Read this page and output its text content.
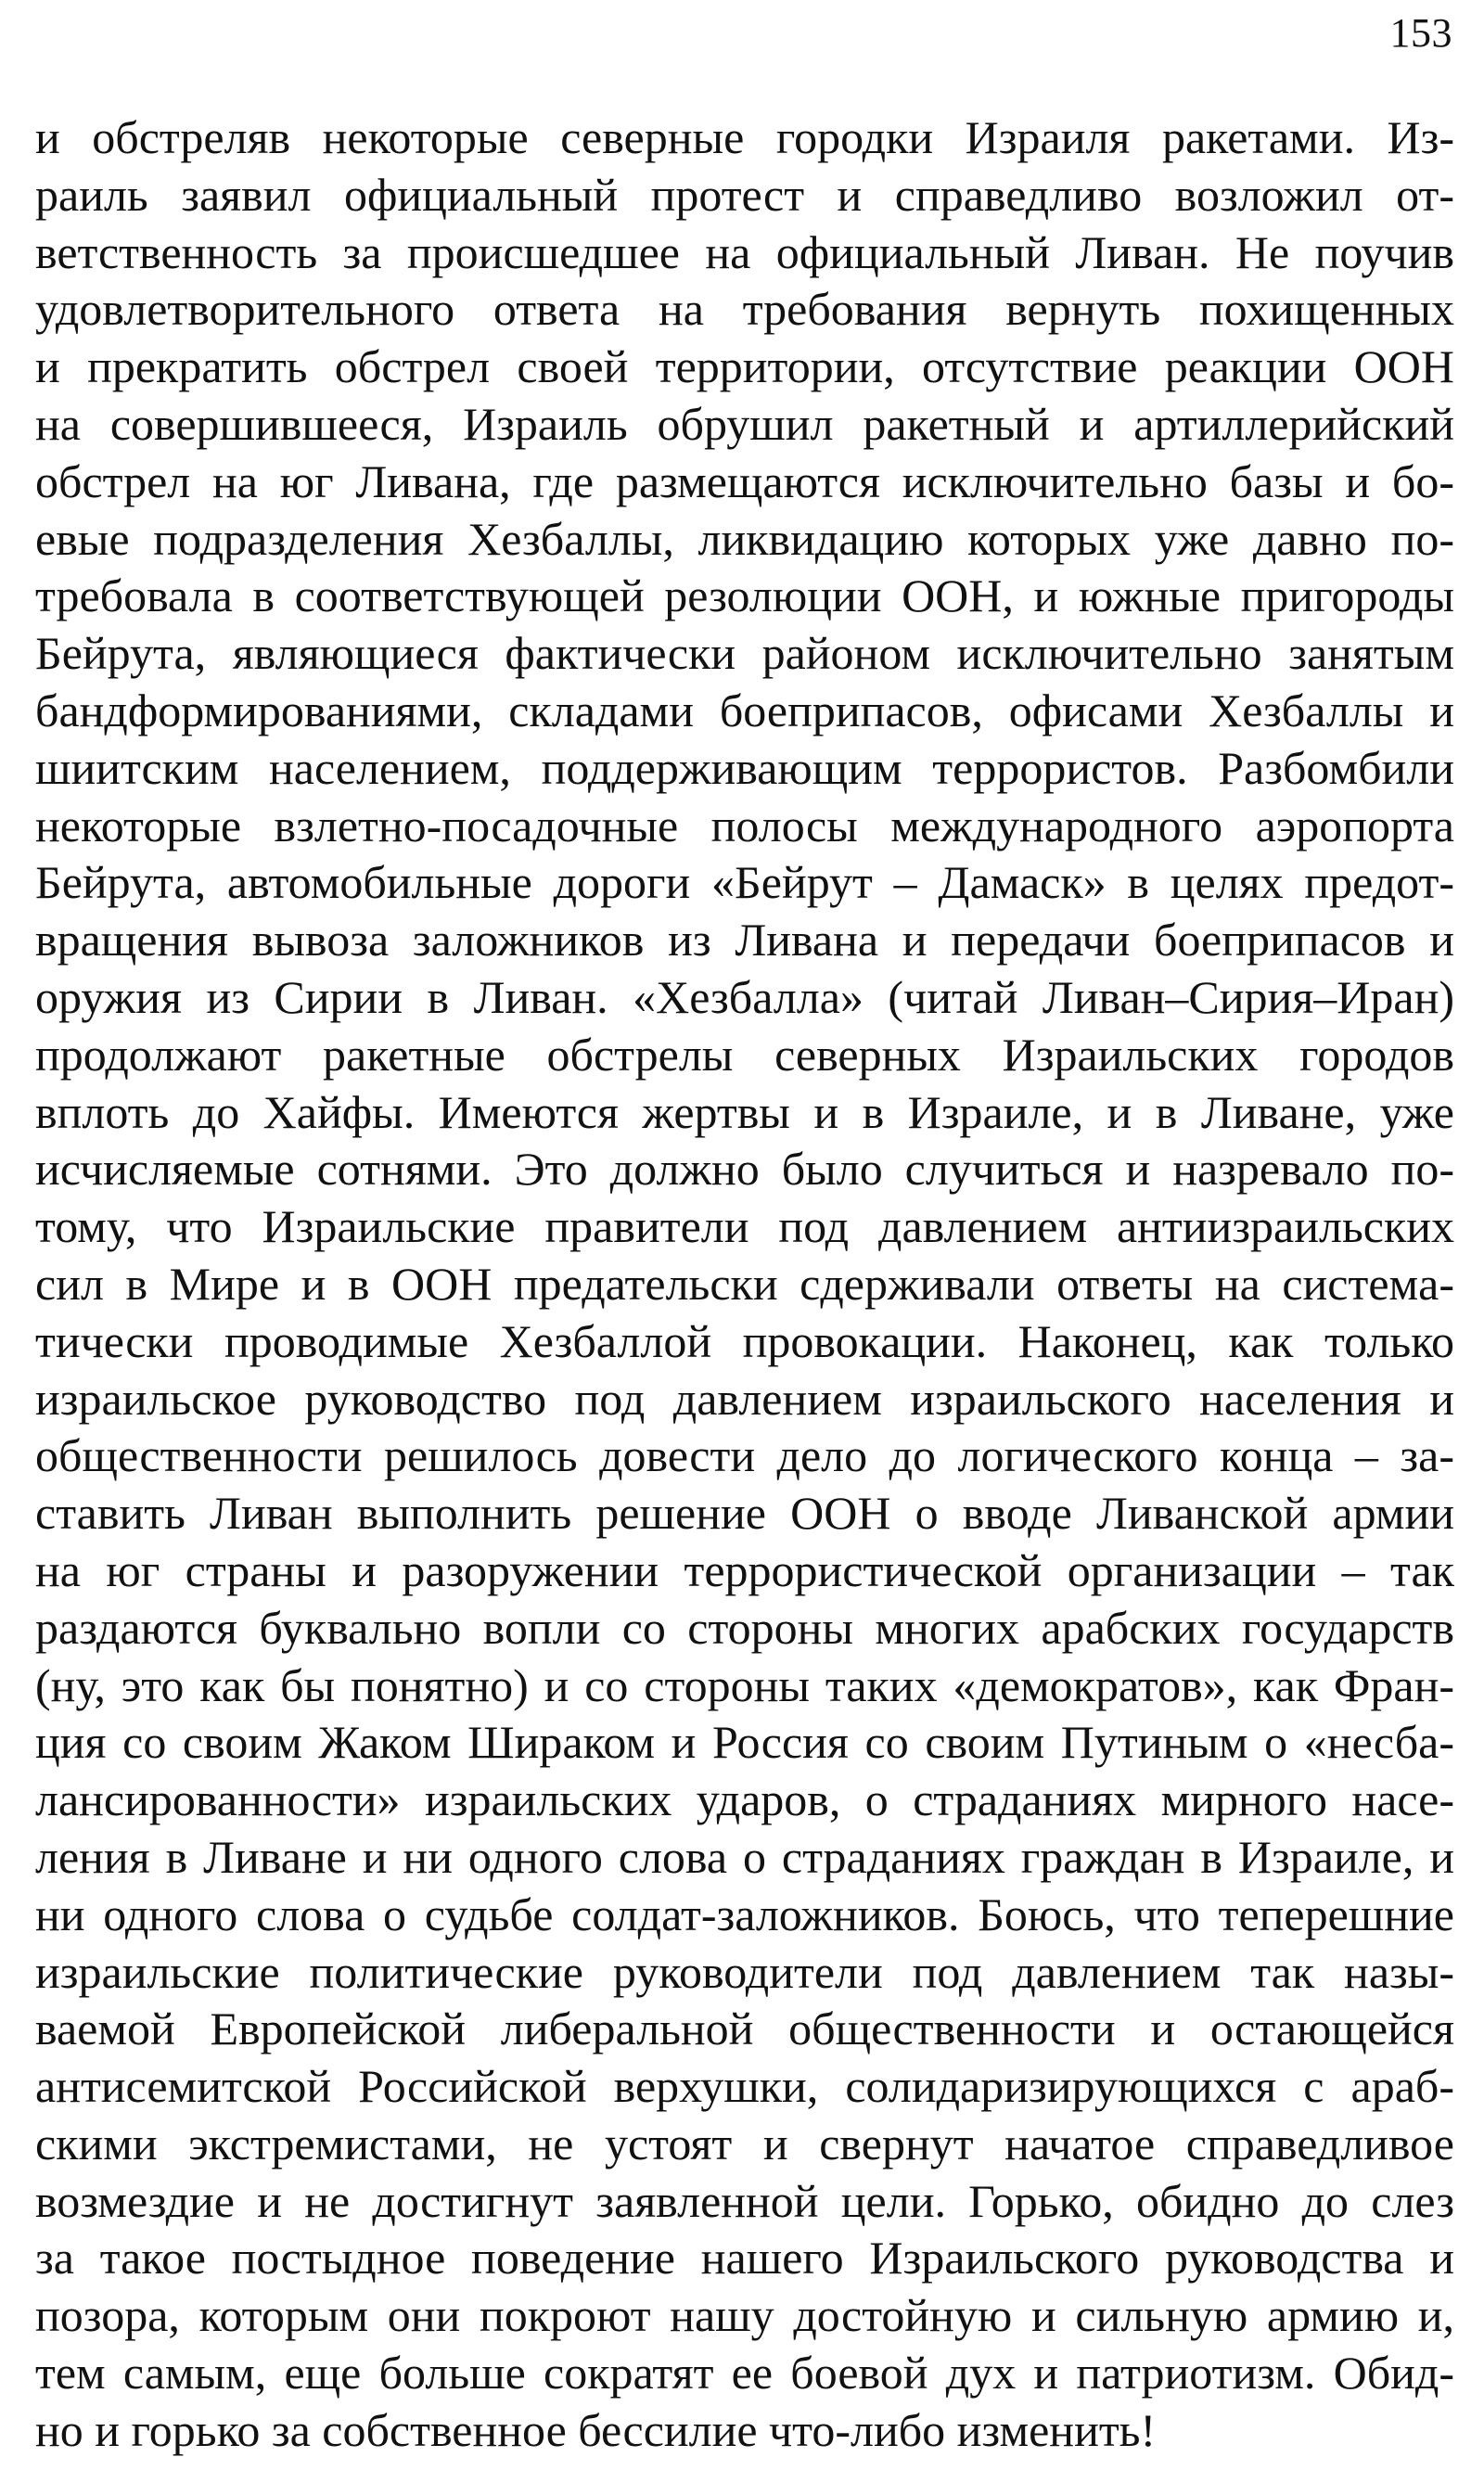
153
и обстреляв некоторые северные городки Израиля ракетами. Из-
раиль заявил официальный протест и справедливо возложил от-
ветственность за происшедшее на официальный Ливан. Не поучив
удовлетворительного ответа на требования вернуть похищенных
и прекратить обстрел своей территории, отсутствие реакции ООН
на совершившееся, Израиль обрушил ракетный и артиллерийский
обстрел на юг Ливана, где размещаются исключительно базы и бо-
евые подразделения Хезбаллы, ликвидацию которых уже давно по-
требовала в соответствующей резолюции ООН, и южные пригороды
Бейрута, являющиеся фактически районом исключительно занятым
бандформированиями, складами боеприпасов, офисами Хезбаллы и
шиитским населением, поддерживающим террористов. Разбомбили
некоторые взлетно-посадочные полосы международного аэропорта
Бейрута, автомобильные дороги «Бейрут – Дамаск» в целях предот-
вращения вывоза заложников из Ливана и передачи боеприпасов и
оружия из Сирии в Ливан. «Хезбалла» (читай Ливан–Сирия–Иран)
продолжают ракетные обстрелы северных Израильских городов
вплоть до Хайфы. Имеются жертвы и в Израиле, и в Ливане, уже
исчисляемые сотнями. Это должно было случиться и назревало по-
тому, что Израильские правители под давлением антиизраильских
сил в Мире и в ООН предательски сдерживали ответы на системa-
тически проводимые Хезбаллой провокации. Наконец, как только
израильское руководство под давлением израильского населения и
общественности решилось довести дело до логического конца – за-
ставить Ливан выполнить решение ООН о вводе Ливанской армии
на юг страны и разоружении террористической организации – так
раздаются буквально вопли со стороны многих арабских государств
(ну, это как бы понятно) и со стороны таких «демократов», как Фран-
ция со своим Жаком Шираком и Россия со своим Путиным о «несба-
лансированности» израильских ударов, о страданиях мирного насе-
ления в Ливане и ни одного слова о страданиях граждан в Израиле, и
ни одного слова о судьбе солдат-заложников. Боюсь, что теперешние
израильские политические руководители под давлением так назы-
ваемой Европейской либеральной общественности и остающейся
антисемитской Российской верхушки, солидаризирующихся с араб-
скими экстремистами, не устоят и свернут начатое справедливое
возмездие и не достигнут заявленной цели. Горько, обидно до слез
за такое постыдное поведение нашего Израильского руководства и
позора, которым они покроют нашу достойную и сильную армию и,
тем самым, еще больше сократят ее боевой дух и патриотизм. Обид-
но и горько за собственное бессилие что-либо изменить!
